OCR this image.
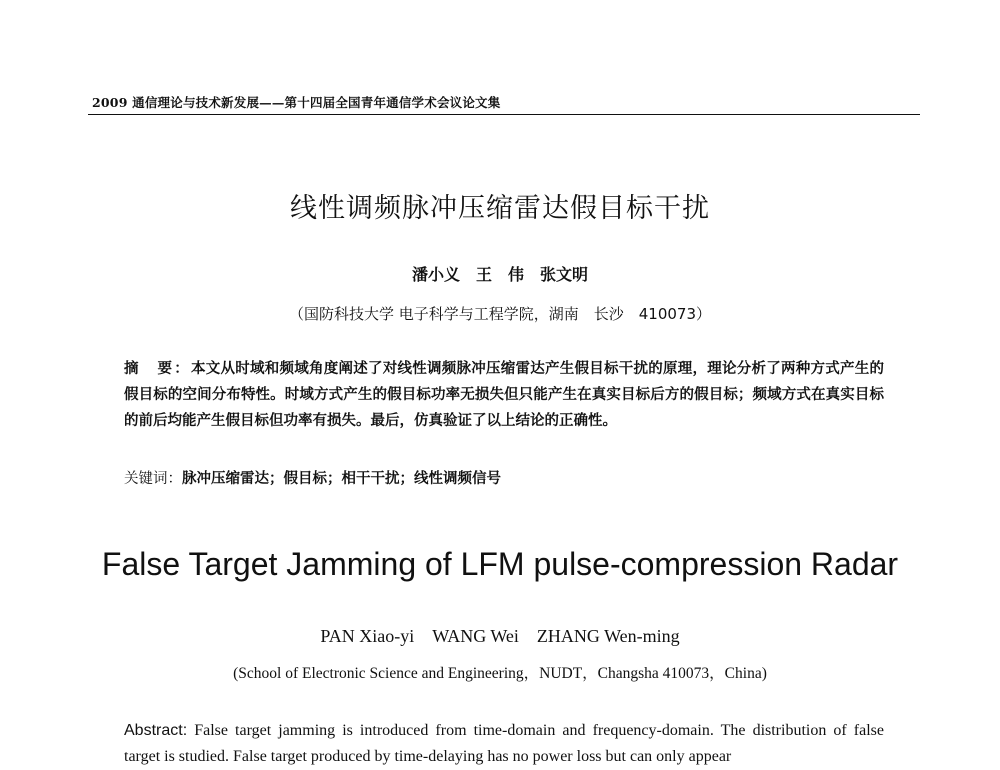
2009 通信理论与技术新发展——第十四届全国青年通信学术会议论文集
线性调频脉冲压缩雷达假目标干扰
潘小义　王　伟　张文明
（国防科技大学 电子科学与工程学院，湖南　长沙　410073）
摘　要：本文从时域和频域角度阐述了对线性调频脉冲压缩雷达产生假目标干扰的原理，理论分析了两种方式产生的假目标的空间分布特性。时域方式产生的假目标功率无损失但只能产生在真实目标后方的假目标；频域方式在真实目标的前后均能产生假目标但功率有损失。最后，仿真验证了以上结论的正确性。
关键词：脉冲压缩雷达；假目标；相干干扰；线性调频信号
False Target Jamming of LFM pulse-compression Radar
PAN Xiao-yi　WANG Wei　ZHANG Wen-ming
(School of Electronic Science and Engineering，NUDT，Changsha 410073，China)
Abstract: False target jamming is introduced from time-domain and frequency-domain. The distribution of false target is studied. False target produced by time-delaying has no power loss but can only appear
